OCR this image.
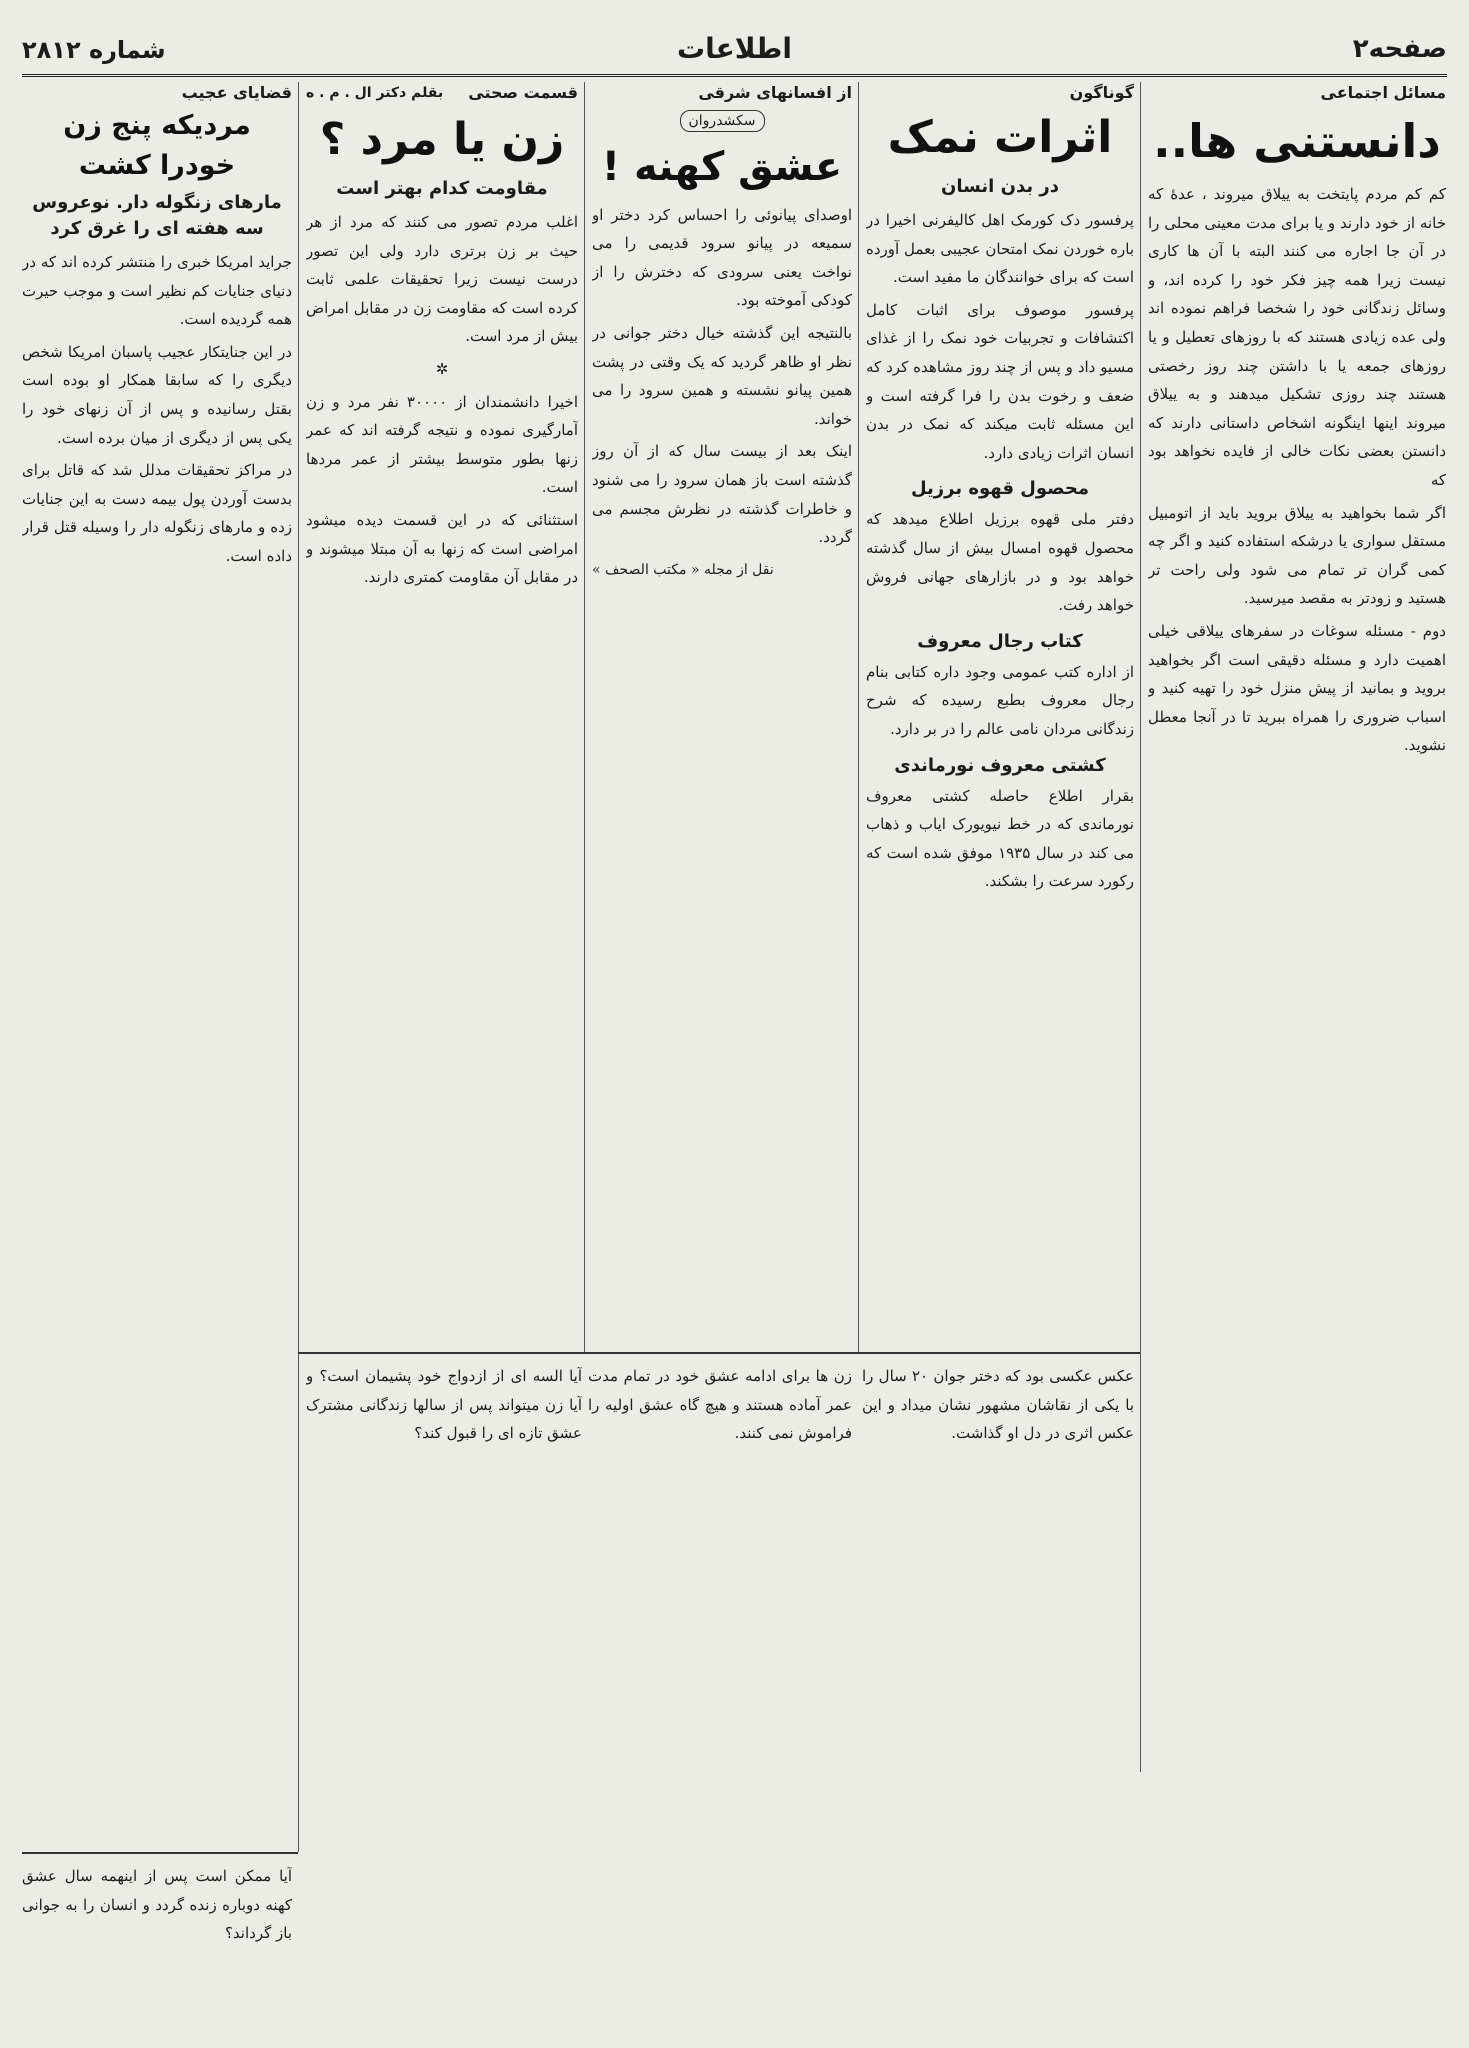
صفحه۲
اطلاعات
شماره ۲۸۱۲
مسائل اجتماعی
دانستنی ها..

کم کم مردم پایتخت به ییلاق میروند ، عدهٔ که خانه از خود دارند و یا برای مدت معینی محلی را در آن جا اجاره می کنند البته با آن ها کاری نیست زیرا همه چیز فکر خود را کرده اند، و وسائل زندگانی خود را شخصا فراهم نموده اند ولی عده زیادی هستند که با روزهای تعطیل و یا روزهای جمعه یا با داشتن چند روز رخصتی هستند چند روزی تشکیل میدهند و به ییلاق میروند اینها اینگونه اشخاص داستانی دارند که دانستن بعضی نکات خالی از فایده نخواهد بود که

اگر شما بخواهید به ییلاق بروید باید از اتومبیل مستقل سواری یا درشکه استفاده کنید و اگر چه کمی گران تر تمام می شود ولی راحت تر هستید و زودتر به مقصد میرسید.

دوم - مسئله سوغات در سفرهای ییلاقی خیلی اهمیت دارد و مسئله دقیقی است اگر بخواهید بروید و بمانید از پیش منزل خود را تهیه کنید و اسباب ضروری را همراه ببرید تا در آنجا معطل نشوید.

گوناگون
اثرات نمک
در بدن انسان

پرفسور دک کورمک اهل کالیفرنی اخیرا در باره خوردن نمک امتحان عجیبی بعمل آورده است که برای خوانندگان ما مفید است.

پرفسور موصوف برای اثبات کامل اکتشافات و تجربیات خود نمک را از غذای مسیو داد و پس از چند روز مشاهده کرد که ضعف و رخوت بدن را فرا گرفته است و این مسئله ثابت میکند که نمک در بدن انسان اثرات زیادی دارد.

محصول قهوه برزیل

دفتر ملی قهوه برزیل اطلاع میدهد که محصول قهوه امسال بیش از سال گذشته خواهد بود و در بازارهای جهانی فروش خواهد رفت.

کتاب رجال معروف

از اداره کتب عمومی وجود داره کتابی بنام رجال معروف بطبع رسیده که شرح زندگانی مردان نامی عالم را در بر دارد.

کشتی معروف نورماندی

بقرار اطلاع حاصله کشتی معروف نورماندی که در خط نیویورک ایاب و ذهاب می کند در سال ۱۹۳۵ موفق شده است که رکورد سرعت را بشکند.

از افسانهای شرقی
سکشدروان
عشق کهنه !

اوصدای پیانوئی را احساس کرد دختر او سمیعه در پیانو سرود قدیمی را می نواخت یعنی سرودی که دخترش را از کودکی آموخته بود.

بالنتیجه این گذشته خیال دختر جوانی در نظر او ظاهر گردید که یک وقتی در پشت همین پیانو نشسته و همین سرود را می خواند.

اینک بعد از بیست سال که از آن روز گذشته است باز همان سرود را می شنود و خاطرات گذشته در نظرش مجسم می گردد.

نقل از مجله « مکتب الصحف »
قسمت صحتی
بقلم دکتر ال . م . ه
زن یا مرد ؟
مقاومت کدام بهتر است

اغلب مردم تصور می کنند که مرد از هر حیث بر زن برتری دارد ولی این تصور درست نیست زیرا تحقیقات علمی ثابت کرده است که مقاومت زن در مقابل امراض بیش از مرد است.

✲

اخیرا دانشمندان از ۳۰۰۰۰ نفر مرد و زن آمارگیری نموده و نتیجه گرفته اند که عمر زنها بطور متوسط بیشتر از عمر مردها است.

استثنائی که در این قسمت دیده میشود امراضی است که زنها به آن مبتلا میشوند و در مقابل آن مقاومت کمتری دارند.

قضایای عجیب
مردیکه پنج زن خودرا کشت
مارهای زنگوله دار. نوعروس سه هفته ای را غرق کرد

جراید امریکا خبری را منتشر کرده اند که در دنیای جنایات کم نظیر است و موجب حیرت همه گردیده است.

در این جنایتکار عجیب پاسبان امریکا شخص دیگری را که سابقا همکار او بوده است بقتل رسانیده و پس از آن زنهای خود را یکی پس از دیگری از میان برده است.

در مراکز تحقیقات مدلل شد که قاتل برای بدست آوردن پول بیمه دست به این جنایات زده و مارهای زنگوله دار را وسیله قتل قرار داده است.

عکس عکسی بود که دختر جوان ۲۰ سال را با یکی از نقاشان مشهور نشان میداد و این عکس اثری در دل او گذاشت.

زن ها برای ادامه عشق خود در تمام مدت عمر آماده هستند و هیچ گاه عشق اولیه را فراموش نمی کنند.

آیا السه ای از ازدواج خود پشیمان است؟ و آیا زن میتواند پس از سالها زندگانی مشترک عشق تازه ای را قبول کند؟

آیا ممکن است پس از اینهمه سال عشق کهنه دوباره زنده گردد و انسان را به جوانی باز گرداند؟
